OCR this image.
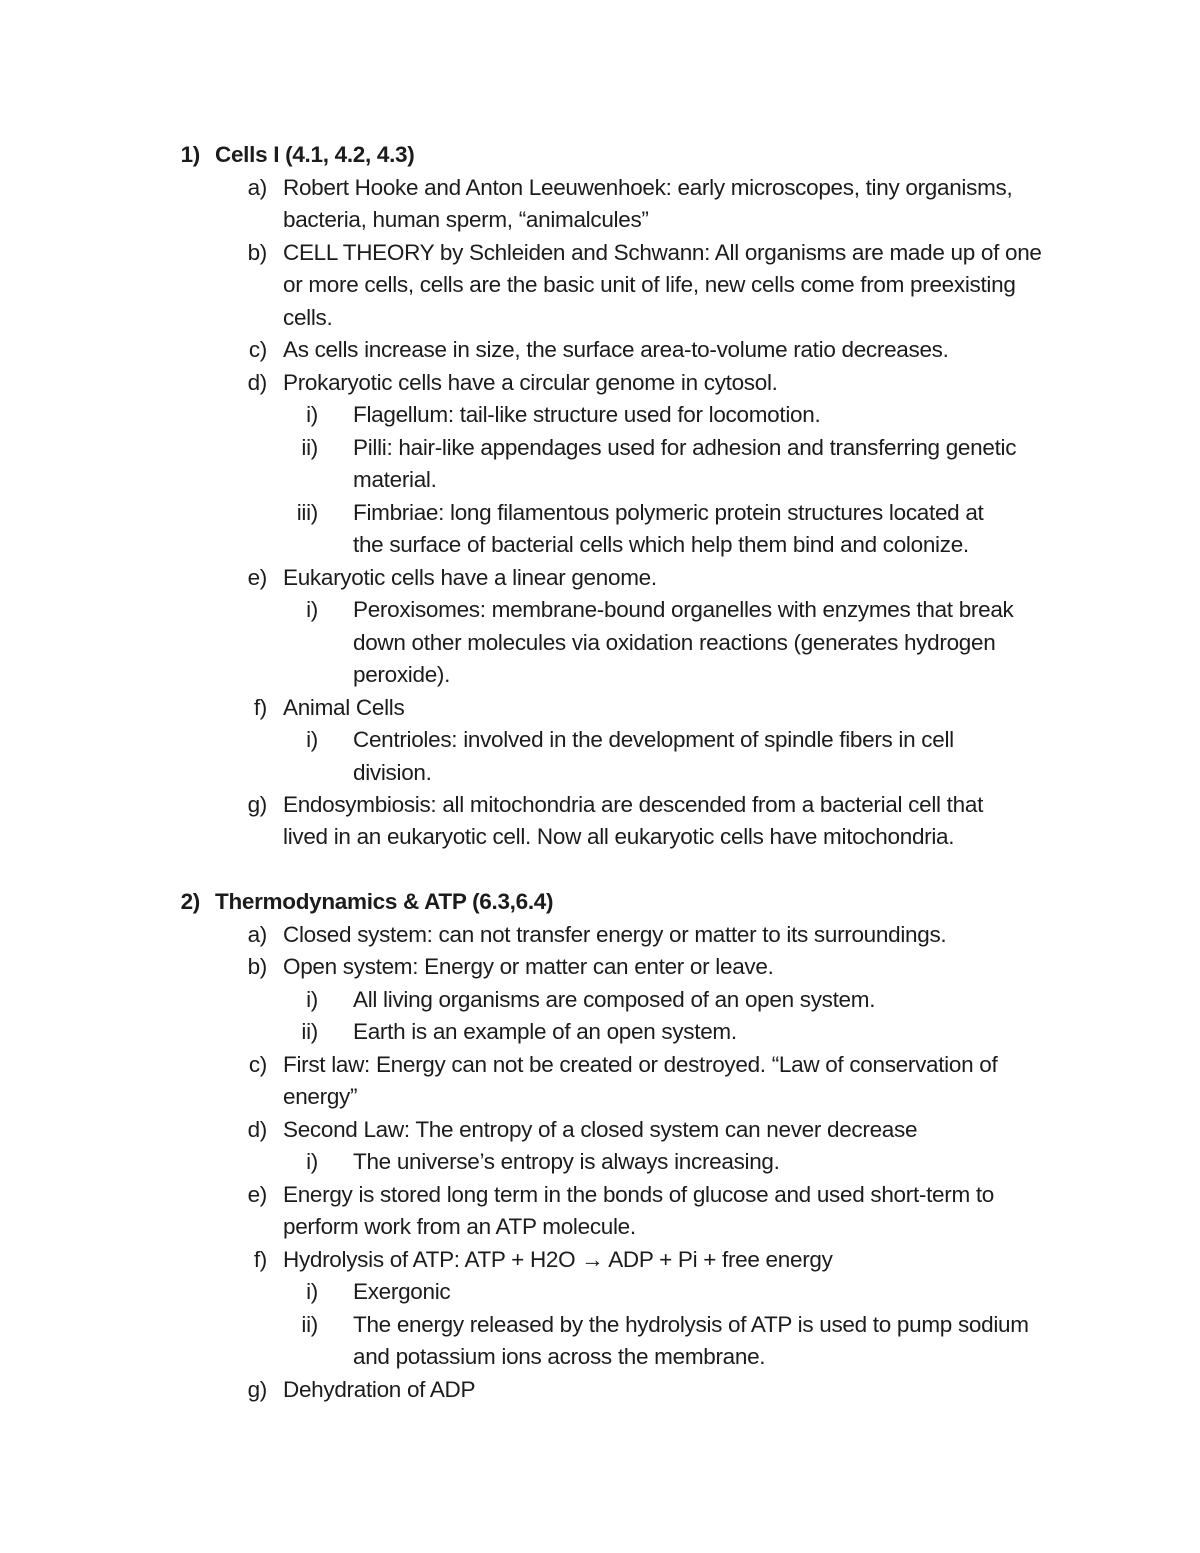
1) Cells I (4.1, 4.2, 4.3)
a) Robert Hooke and Anton Leeuwenhoek: early microscopes, tiny organisms,
bacteria, human sperm, “animalcules”
b) CELL THEORY by Schleiden and Schwann: All organisms are made up of one
or more cells, cells are the basic unit of life, new cells come from preexisting
cells.
c) As cells increase in size, the surface area-to-volume ratio decreases.
d) Prokaryotic cells have a circular genome in cytosol.
i) Flagellum: tail-like structure used for locomotion.
ii) Pilli: hair-like appendages used for adhesion and transferring genetic
material.
iii) Fimbriae: long filamentous polymeric protein structures located at
the surface of bacterial cells which help them bind and colonize.
e) Eukaryotic cells have a linear genome.
i) Peroxisomes: membrane-bound organelles with enzymes that break
down other molecules via oxidation reactions (generates hydrogen
peroxide).
f) Animal Cells
i) Centrioles: involved in the development of spindle fibers in cell
division.
g) Endosymbiosis: all mitochondria are descended from a bacterial cell that
lived in an eukaryotic cell. Now all eukaryotic cells have mitochondria.
2) Thermodynamics & ATP (6.3,6.4)
a) Closed system: can not transfer energy or matter to its surroundings.
b) Open system: Energy or matter can enter or leave.
i) All living organisms are composed of an open system.
ii) Earth is an example of an open system.
c) First law: Energy can not be created or destroyed. “Law of conservation of
energy”
d) Second Law: The entropy of a closed system can never decrease
i) The universe’s entropy is always increasing.
e) Energy is stored long term in the bonds of glucose and used short-term to
perform work from an ATP molecule.
f) Hydrolysis of ATP: ATP + H2O → ADP + Pi + free energy
i) Exergonic
ii) The energy released by the hydrolysis of ATP is used to pump sodium
and potassium ions across the membrane.
g) Dehydration of ADP
